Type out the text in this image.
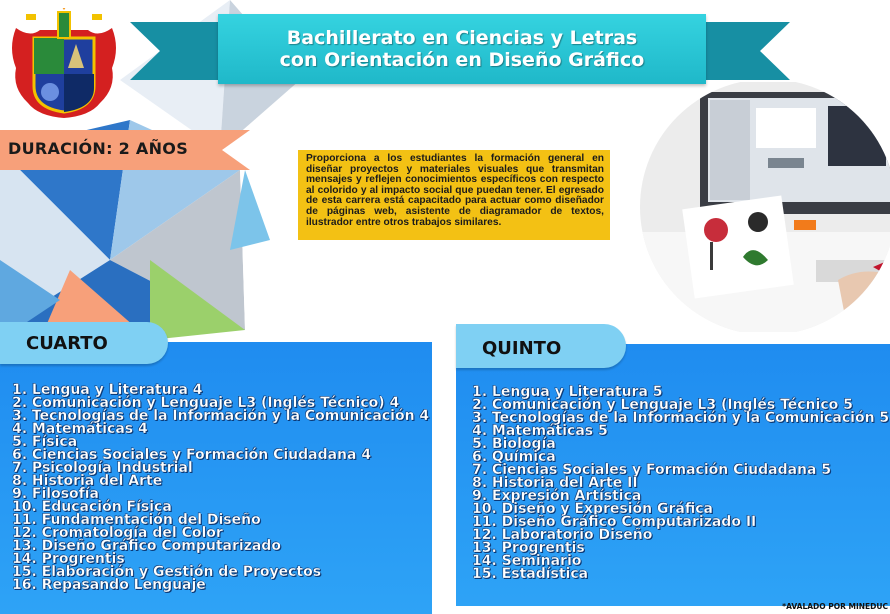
Bachillerato en Ciencias y Letras
con Orientación en Diseño Gráfico
DURACIÓN: 2 AÑOS

Proporciona a los estudiantes la formación general en diseñar proyectos y materiales visuales que transmitan mensajes y reflejen conocimientos específicos con respecto al colorido y al impacto social que puedan tener. El egresado de esta carrera está capacitado para actuar como diseñador de páginas web, asistente de diagramador de textos, ilustrador entre otros trabajos similares.

CUARTO
1. Lengua y Literatura 4
2. Comunicación y Lenguaje L3 (Inglés Técnico) 4
3. Tecnologías de la Información y la Comunicación 4
4. Matemáticas 4
5. Física
6. Ciencias Sociales y Formación Ciudadana 4
7. Psicología Industrial
8. Historia del Arte
9. Filosofía
10. Educación Física
11. Fundamentación del Diseño
12. Cromatología del Color
13. Diseño Gráfico Computarizado
14. Progrentis
15. Elaboración y Gestión de Proyectos
16. Repasando Lenguaje
QUINTO
1. Lengua y Literatura 5
2. Comunicación y Lenguaje L3 (Inglés Técnico 5
3. Tecnologías de la Información y la Comunicación 5
4. Matemáticas 5
5. Biología
6. Química
7. Ciencias Sociales y Formación Ciudadana 5
8. Historia del Arte II
9. Expresión Artística
10. Diseño y Expresión Gráfica
11. Diseño Gráfico Computarizado II
12. Laboratorio Diseño
13. Progrentis
14. Seminario
15. Estadística
*AVALADO POR MINEDUC
